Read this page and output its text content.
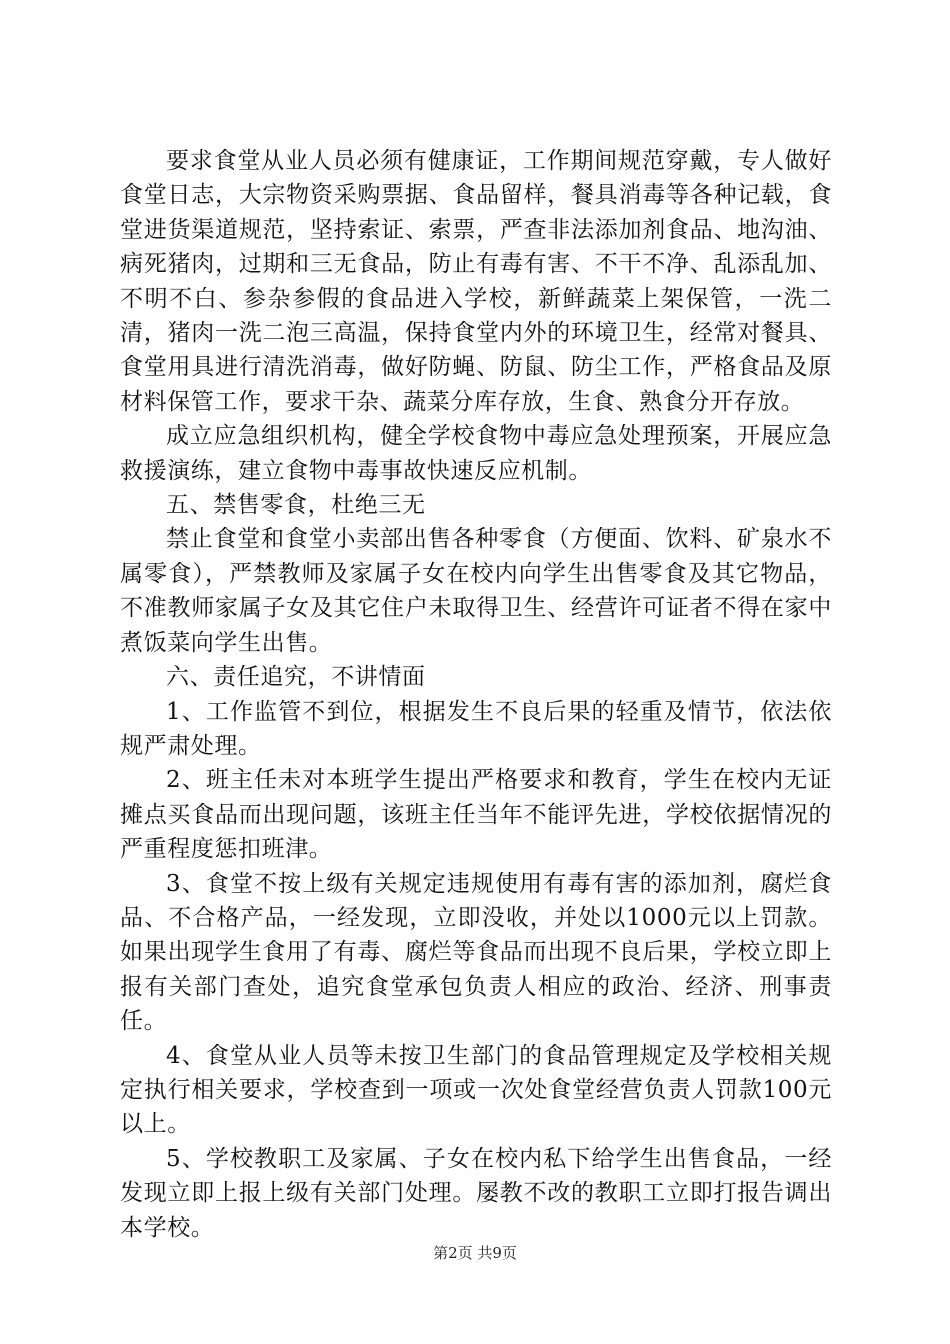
要求食堂从业人员必须有健康证，工作期间规范穿戴，专人做好食堂日志，大宗物资采购票据、食品留样，餐具消毒等各种记载，食堂进货渠道规范，坚持索证、索票，严查非法添加剂食品、地沟油、病死猪肉，过期和三无食品，防止有毒有害、不干不净、乱添乱加、不明不白、参杂参假的食品进入学校，新鲜蔬菜上架保管，一洗二清，猪肉一洗二泡三高温，保持食堂内外的环境卫生，经常对餐具、食堂用具进行清洗消毒，做好防蝇、防鼠、防尘工作，严格食品及原材料保管工作，要求干杂、蔬菜分库存放，生食、熟食分开存放。

成立应急组织机构，健全学校食物中毒应急处理预案，开展应急救援演练，建立食物中毒事故快速反应机制。

五、禁售零食，杜绝三无

禁止食堂和食堂小卖部出售各种零食（方便面、饮料、矿泉水不属零食），严禁教师及家属子女在校内向学生出售零食及其它物品，不准教师家属子女及其它住户未取得卫生、经营许可证者不得在家中煮饭菜向学生出售。

六、责任追究，不讲情面

1、工作监管不到位，根据发生不良后果的轻重及情节，依法依规严肃处理。

2、班主任未对本班学生提出严格要求和教育，学生在校内无证摊点买食品而出现问题，该班主任当年不能评先进，学校依据情况的严重程度惩扣班津。

3、食堂不按上级有关规定违规使用有毒有害的添加剂，腐烂食品、不合格产品，一经发现，立即没收，并处以1000元以上罚款。如果出现学生食用了有毒、腐烂等食品而出现不良后果，学校立即上报有关部门查处，追究食堂承包负责人相应的政治、经济、刑事责任。

4、食堂从业人员等未按卫生部门的食品管理规定及学校相关规定执行相关要求，学校查到一项或一次处食堂经营负责人罚款100元以上。

5、学校教职工及家属、子女在校内私下给学生出售食品，一经发现立即上报上级有关部门处理。屡教不改的教职工立即打报告调出本学校。

第2页 共9页
